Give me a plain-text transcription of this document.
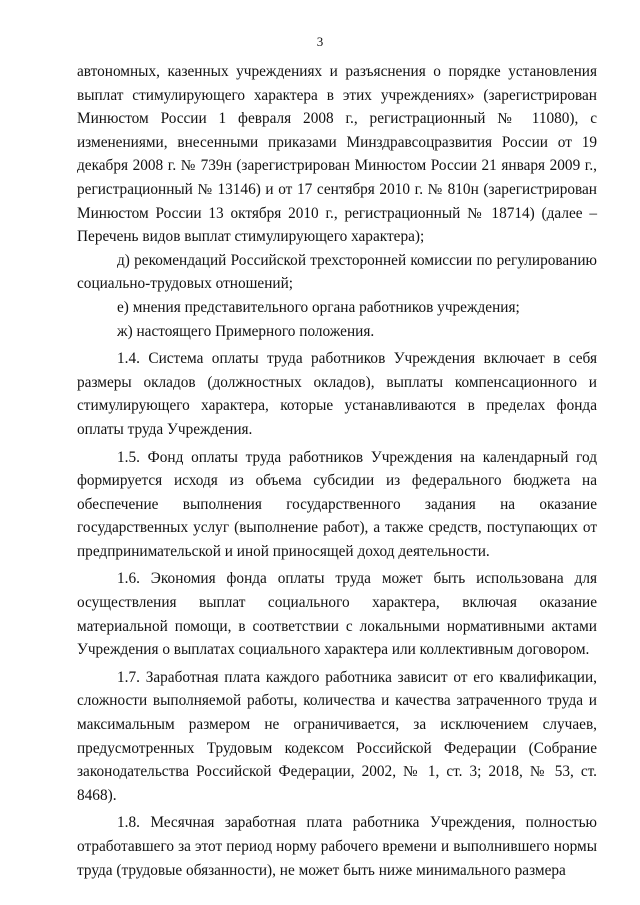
3

автономных, казенных учреждениях и разъяснения о порядке установления выплат стимулирующего характера в этих учреждениях» (зарегистрирован Минюстом России 1 февраля 2008 г., регистрационный № 11080), с изменениями, внесенными приказами Минздравсоцразвития России от 19 декабря 2008 г. № 739н (зарегистрирован Минюстом России 21 января 2009 г., регистрационный № 13146) и от 17 сентября 2010 г. № 810н (зарегистрирован Минюстом России 13 октября 2010 г., регистрационный № 18714) (далее – Перечень видов выплат стимулирующего характера);

д) рекомендаций Российской трехсторонней комиссии по регулированию социально-трудовых отношений;

е) мнения представительного органа работников учреждения;

ж) настоящего Примерного положения.

1.4. Система оплаты труда работников Учреждения включает в себя размеры окладов (должностных окладов), выплаты компенсационного и стимулирующего характера, которые устанавливаются в пределах фонда оплаты труда Учреждения.

1.5. Фонд оплаты труда работников Учреждения на календарный год формируется исходя из объема субсидии из федерального бюджета на обеспечение выполнения государственного задания на оказание государственных услуг (выполнение работ), а также средств, поступающих от предпринимательской и иной приносящей доход деятельности.

1.6. Экономия фонда оплаты труда может быть использована для осуществления выплат социального характера, включая оказание материальной помощи, в соответствии с локальными нормативными актами Учреждения о выплатах социального характера или коллективным договором.

1.7. Заработная плата каждого работника зависит от его квалификации, сложности выполняемой работы, количества и качества затраченного труда и максимальным размером не ограничивается, за исключением случаев, предусмотренных Трудовым кодексом Российской Федерации (Собрание законодательства Российской Федерации, 2002, № 1, ст. 3; 2018, № 53, ст. 8468).

1.8. Месячная заработная плата работника Учреждения, полностью отработавшего за этот период норму рабочего времени и выполнившего нормы труда (трудовые обязанности), не может быть ниже минимального размера
